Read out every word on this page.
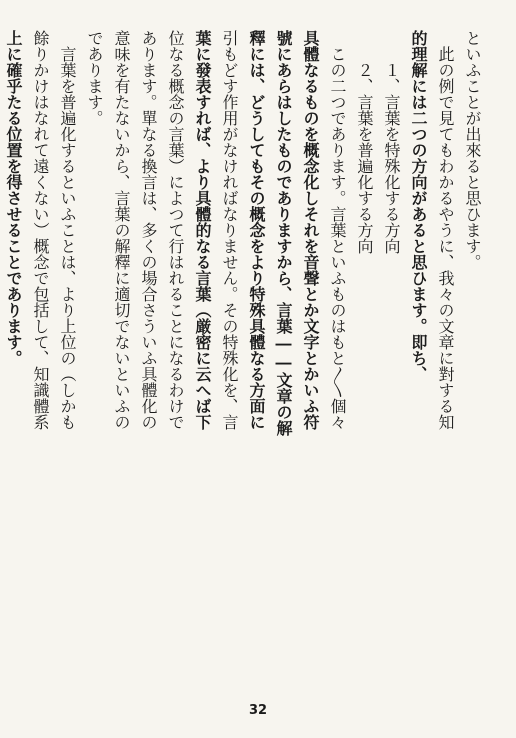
といふことが出來ると思ひます。
此の例で見てもわかるやうに、我々の文章に對する知
的理解には二つの方向があると思ひます。即ち、
１、言葉を特殊化する方向
２、言葉を普遍化する方向
この二つであります。言葉といふものはもと〳〵個々
具體なるものを概念化しそれを音聲とか文字とかいふ符
號にあらはしたものでありますから、言葉――文章の解
釋には、どうしてもその概念をより特殊具體なる方面に
引もどす作用がなければなりません。その特殊化を、言
葉に發表すれば、より具體的なる言葉（厳密に云へば下
位なる概念の言葉）によつて行はれることになるわけで
あります。單なる換言は、多くの場合さういふ具體化の
意味を有たないから、言葉の解釋に適切でないといふの
であります。
言葉を普遍化するといふことは、より上位の（しかも
餘りかけはなれて遠くない）概念で包括して、知識體系
上に確乎たる位置を得させることであります。
32
